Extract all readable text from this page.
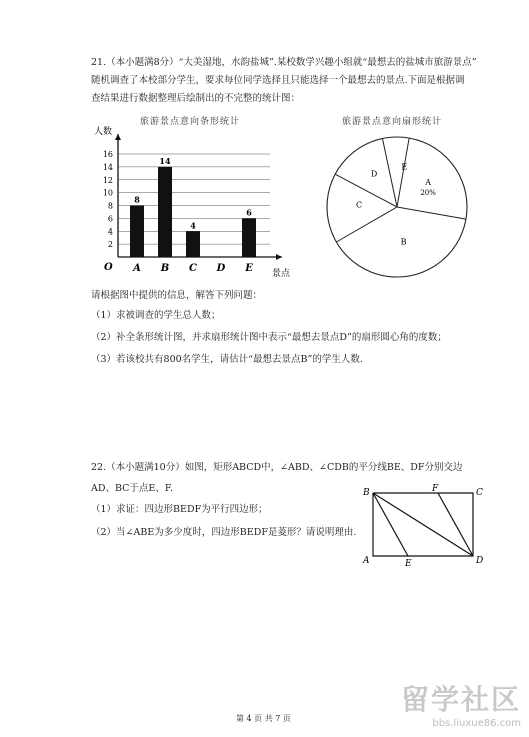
21.（本小题满8分）“大美湿地，水韵盐城”.某校数学兴趣小组就“最想去的盐城市旅游景点”
随机调查了本校部分学生，要求每位同学选择且只能选择一个最想去的景点.下面是根据调
查结果进行数据整理后绘制出的不完整的统计图：
旅游景点意向条形统计	旅游景点意向扇形统计
人数
景点
O
2
4
6
8
10
12
14
16
8
A
14
B
4
C D
6
E
A
20%
B
C
D
E
请根据图中提供的信息，解答下列问题：
（1）求被调查的学生总人数；
（2）补全条形统计图，并求扇形统计图中表示“最想去景点D”的扇形圆心角的度数；
（3）若该校共有800名学生，请估计“最想去景点B”的学生人数.
22.（本小题满10分）如图，矩形ABCD中，∠ABD、∠CDB的平分线BE、DF分别交边
AD、BC于点E、F.
（1）求证：四边形BEDF为平行四边形；
（2）当∠ABE为多少度时，四边形BEDF是菱形？请说明理由.
B	F	C
A	E	D
第 4 页 共 7 页
留学社区
bbs.liuxue86.com
